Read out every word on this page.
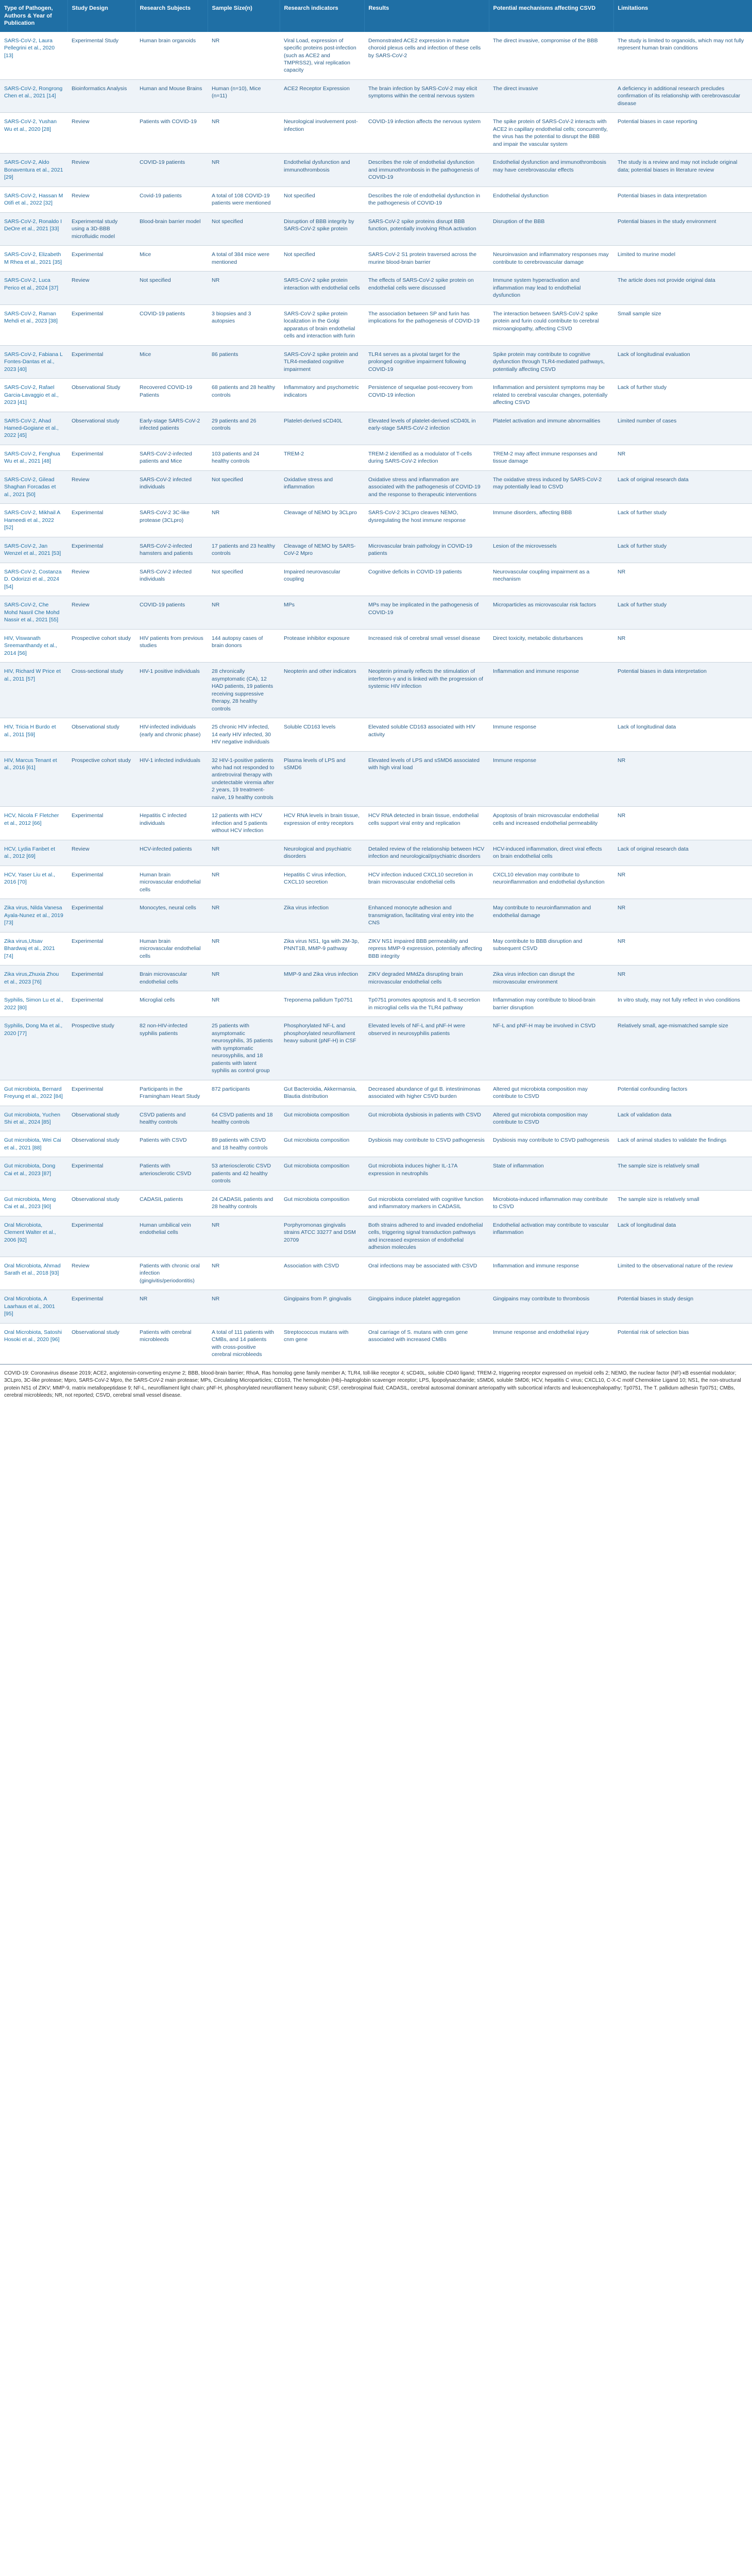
Type of Pathogen, Authors & Year of Publication	Study Design	Research Subjects	Sample Size(n)	Research indicators	Results	Potential mechanisms affecting CSVD	Limitations
SARS-CoV-2, Laura Pellegrini et al., 2020 [13]	Experimental Study	Human brain organoids	NR	Viral Load, expression of specific proteins post-infection (such as ACE2 and TMPRSS2), viral replication capacity	Demonstrated ACE2 expression in mature choroid plexus cells and infection of these cells by SARS-CoV-2	The direct invasive, compromise of the BBB	The study is limited to organoids, which may not fully represent human brain conditions
SARS-CoV-2, Rongrong Chen et al., 2021 [14]	Bioinformatics Analysis	Human and Mouse Brains	Human (n=10), Mice (n=11)	ACE2 Receptor Expression	The brain infection by SARS-CoV-2 may elicit symptoms within the central nervous system	The direct invasive	A deficiency in additional research precludes confirmation of its relationship with cerebrovascular disease
SARS-CoV-2, Yushan Wu et al., 2020 [28]	Review	Patients with COVID-19	NR	Neurological involvement post-infection	COVID-19 infection affects the nervous system	The spike protein of SARS-CoV-2 interacts with ACE2 in capillary endothelial cells; concurrently, the virus has the potential to disrupt the BBB and impair the vascular system	Potential biases in case reporting
SARS-CoV-2, Aldo Bonaventura et al., 2021 [29]	Review	COVID-19 patients	NR	Endothelial dysfunction and immunothrombosis	Describes the role of endothelial dysfunction and immunothrombosis in the pathogenesis of COVID-19	Endothelial dysfunction and immunothrombosis may have cerebrovascular effects	The study is a review and may not include original data; potential biases in literature review
SARS-CoV-2, Hassan M Otifi et al., 2022 [32]	Review	Covid-19 patients	A total of 108 COVID-19 patients were mentioned	Not specified	Describes the role of endothelial dysfunction in the pathogenesis of COVID-19	Endothelial dysfunction	Potential biases in data interpretation
SARS-CoV-2, Ronaldo I DeOre et al., 2021 [33]	Experimental study using a 3D-BBB microfluidic model	Blood-brain barrier model	Not specified	Disruption of BBB integrity by SARS-CoV-2 spike protein	SARS-CoV-2 spike proteins disrupt BBB function, potentially involving RhoA activation	Disruption of the BBB	Potential biases in the study environment
SARS-CoV-2, Elizabeth M Rhea et al., 2021 [35]	Experimental	Mice	A total of 384 mice were mentioned	Not specified	SARS-CoV-2 S1 protein traversed across the murine blood-brain barrier	Neuroinvasion and inflammatory responses may contribute to cerebrovascular damage	Limited to murine model
SARS-CoV-2, Luca Perico et al., 2024 [37]	Review	Not specified	NR	SARS-CoV-2 spike protein interaction with endothelial cells	The effects of SARS-CoV-2 spike protein on endothelial cells were discussed	Immune system hyperactivation and inflammation may lead to endothelial dysfunction	The article does not provide original data
SARS-CoV-2, Raman Mehdi et al., 2023 [38]	Experimental	COVID-19 patients	3 biopsies and 3 autopsies	SARS-CoV-2 spike protein localization in the Golgi apparatus of brain endothelial cells and interaction with furin	The association between SP and furin has implications for the pathogenesis of COVID-19	The interaction between SARS-CoV-2 spike protein and furin could contribute to cerebral microangiopathy, affecting CSVD	Small sample size
SARS-CoV-2, Fabiana L Fontes-Dantas et al., 2023 [40]	Experimental	Mice	86 patients	SARS-CoV-2 spike protein and TLR4-mediated cognitive impairment	TLR4 serves as a pivotal target for the prolonged cognitive impairment following COVID-19	Spike protein may contribute to cognitive dysfunction through TLR4-mediated pathways, potentially affecting CSVD	Lack of longitudinal evaluation
SARS-CoV-2, Rafael Garcia-Lavaggio et al., 2023 [41]	Observational Study	Recovered COVID-19 Patients	68 patients and 28 healthy controls	Inflammatory and psychometric indicators	Persistence of sequelae post-recovery from COVID-19 infection	Inflammation and persistent symptoms may be related to cerebral vascular changes, potentially affecting CSVD	Lack of further study
SARS-CoV-2, Ahad Hamed-Gogiane et al., 2022 [45]	Observational study	Early-stage SARS-CoV-2 infected patients	29 patients and 26 controls	Platelet-derived sCD40L	Elevated levels of platelet-derived sCD40L in early-stage SARS-CoV-2 infection	Platelet activation and immune abnormalities	Limited number of cases
SARS-CoV-2, Fenghua Wu et al., 2021 [48]	Experimental	SARS-CoV-2-infected patients and Mice	103 patients and 24 healthy controls	TREM-2	TREM-2 identified as a modulator of T-cells during SARS-CoV-2 infection	TREM-2 may affect immune responses and tissue damage	NR
SARS-CoV-2, Gilead Shaghan Forcadas et al., 2021 [50]	Review	SARS-CoV-2 infected individuals	Not specified	Oxidative stress and inflammation	Oxidative stress and inflammation are associated with the pathogenesis of COVID-19 and the response to therapeutic interventions	The oxidative stress induced by SARS-CoV-2 may potentially lead to CSVD	Lack of original research data
SARS-CoV-2, Mikhail A Hameedi et al., 2022 [52]	Experimental	SARS-CoV-2 3C-like protease (3CLpro)	NR	Cleavage of NEMO by 3CLpro	SARS-CoV-2 3CLpro cleaves NEMO, dysregulating the host immune response	Immune disorders, affecting BBB	Lack of further study
SARS-CoV-2, Jan Wenzel et al., 2021 [53]	Experimental	SARS-CoV-2-infected hamsters and patients	17 patients and 23 healthy controls	Cleavage of NEMO by SARS-CoV-2 Mpro	Microvascular brain pathology in COVID-19 patients	Lesion of the microvessels	Lack of further study
SARS-CoV-2, Costanza D. Odorizzi et al., 2024 [54]	Review	SARS-CoV-2 infected individuals	Not specified	Impaired neurovascular coupling	Cognitive deficits in COVID-19 patients	Neurovascular coupling impairment as a mechanism	NR
SARS-CoV-2, Che Mohd Nasril Che Mohd Nassir et al., 2021 [55]	Review	COVID-19 patients	NR	MPs	MPs may be implicated in the pathogenesis of COVID-19	Microparticles as microvascular risk factors	Lack of further study
HIV, Viswanath Sreemanthandy et al., 2014 [56]	Prospective cohort study	HIV patients from previous studies	144 autopsy cases of brain donors	Protease inhibitor exposure	Increased risk of cerebral small vessel disease	Direct toxicity, metabolic disturbances	NR
HIV, Richard W Price et al., 2011 [57]	Cross-sectional study	HIV-1 positive individuals	28 chronically asymptomatic (CA), 12 HAD patients, 19 patients receiving suppressive therapy, 28 healthy controls	Neopterin and other indicators	Neopterin primarily reflects the stimulation of interferon-γ and is linked with the progression of systemic HIV infection	Inflammation and immune response	Potential biases in data interpretation
HIV, Tricia H Burdo et al., 2011 [59]	Observational study	HIV-infected individuals (early and chronic phase)	25 chronic HIV infected, 14 early HIV infected, 30 HIV negative individuals	Soluble CD163 levels	Elevated soluble CD163 associated with HIV activity	Immune response	Lack of longitudinal data
HIV, Marcus Tenant et al., 2016 [61]	Prospective cohort study	HIV-1 infected individuals	32 HIV-1-positive patients who had not responded to antiretroviral therapy with undetectable viremia after 2 years, 19 treatment-naïve, 19 healthy controls	Plasma levels of LPS and sSMD6	Elevated levels of LPS and sSMD6 associated with high viral load	Immune response	NR
HCV, Nicola F Fletcher et al., 2012 [66]	Experimental	Hepatitis C infected individuals	12 patients with HCV infection and 5 patients without HCV infection	HCV RNA levels in brain tissue, expression of entry receptors	HCV RNA detected in brain tissue, endothelial cells support viral entry and replication	Apoptosis of brain microvascular endothelial cells and increased endothelial permeability	NR
HCV, Lydia Fanbet et al., 2012 [69]	Review	HCV-infected patients	NR	Neurological and psychiatric disorders	Detailed review of the relationship between HCV infection and neurological/psychiatric disorders	HCV-induced inflammation, direct viral effects on brain endothelial cells	Lack of original research data
HCV, Yaser Liu et al., 2016 [70]	Experimental	Human brain microvascular endothelial cells	NR	Hepatitis C virus infection, CXCL10 secretion	HCV infection induced CXCL10 secretion in brain microvascular endothelial cells	CXCL10 elevation may contribute to neuroinflammation and endothelial dysfunction	NR
Zika virus, Nilda Vanesa Ayala-Nunez et al., 2019 [73]	Experimental	Monocytes, neural cells	NR	Zika virus infection	Enhanced monocyte adhesion and transmigration, facilitating viral entry into the CNS	May contribute to neuroinflammation and endothelial damage	NR
Zika virus,Utsav Bhardwaj et al., 2021 [74]	Experimental	Human brain microvascular endothelial cells	NR	Zika virus NS1, Iga with 2M-3p, PNNT1B, MMP-9 pathway	ZIKV NS1 impaired BBB permeability and repress MMP-9 expression, potentially affecting BBB integrity	May contribute to BBB disruption and subsequent CSVD	NR
Zika virus,Zhuxia Zhou et al., 2023 [76]	Experimental	Brain microvascular endothelial cells	NR	MMP-9 and Zika virus infection	ZIKV degraded MMdZa disrupting brain microvascular endothelial cells	Zika virus infection can disrupt the microvascular environment	NR
Syphilis, Simon Lu et al., 2022 [80]	Experimental	Microglial cells	NR	Treponema pallidum Tp0751	Tp0751 promotes apoptosis and IL-8 secretion in microglial cells via the TLR4 pathway	Inflammation may contribute to blood-brain barrier disruption	In vitro study, may not fully reflect in vivo conditions
Syphilis, Dong Ma et al., 2020 [77]	Prospective study	82 non-HIV-infected syphilis patients	25 patients with asymptomatic neurosyphilis, 35 patients with symptomatic neurosyphilis, and 18 patients with latent syphilis as control group	Phosphorylated NF-L and phosphorylated neurofilament heavy subunit (pNF-H) in CSF	Elevated levels of NF-L and pNF-H were observed in neurosyphilis patients	NF-L and pNF-H may be involved in CSVD	Relatively small, age-mismatched sample size
Gut microbiota, Bernard Freyung et al., 2022 [84]	Experimental	Participants in the Framingham Heart Study	872 participants	Gut Bacteroidia, Akkermansia, Blautia distribution	Decreased abundance of gut B. intestinimonas associated with higher CSVD burden	Altered gut microbiota composition may contribute to CSVD	Potential confounding factors
Gut microbiota, Yuchen Shi et al., 2024 [85]	Observational study	CSVD patients and healthy controls	64 CSVD patients and 18 healthy controls	Gut microbiota composition	Gut microbiota dysbiosis in patients with CSVD	Altered gut microbiota composition may contribute to CSVD	Lack of validation data
Gut microbiota, Wei Cai et al., 2021 [88]	Observational study	Patients with CSVD	89 patients with CSVD and 18 healthy controls	Gut microbiota composition	Dysbiosis may contribute to CSVD pathogenesis	Dysbiosis may contribute to CSVD pathogenesis	Lack of animal studies to validate the findings
Gut microbiota, Dong Cai et al., 2023 [87]	Experimental	Patients with arteriosclerotic CSVD	53 arteriosclerotic CSVD patients and 42 healthy controls	Gut microbiota composition	Gut microbiota induces higher IL-17A expression in neutrophils	State of inflammation	The sample size is relatively small
Gut microbiota, Meng Cai et al., 2023 [90]	Observational study	CADASIL patients	24 CADASIL patients and 28 healthy controls	Gut microbiota composition	Gut microbiota correlated with cognitive function and inflammatory markers in CADASIL	Microbiota-induced inflammation may contribute to CSVD	The sample size is relatively small
Oral Microbiota, Clement Walter et al., 2006 [92]	Experimental	Human umbilical vein endothelial cells	NR	Porphyromonas gingivalis strains ATCC 33277 and DSM 20709	Both strains adhered to and invaded endothelial cells, triggering signal transduction pathways and increased expression of endothelial adhesion molecules	Endothelial activation may contribute to vascular inflammation	Lack of longitudinal data
Oral Microbiota, Ahmad Sarath et al., 2018 [93]	Review	Patients with chronic oral infection (gingivitis/periodontitis)	NR	Association with CSVD	Oral infections may be associated with CSVD	Inflammation and immune response	Limited to the observational nature of the review
Oral Microbiota, A Laarhaus et al., 2001 [95]	Experimental	NR	NR	Gingipains from P. gingivalis	Gingipains induce platelet aggregation	Gingipains may contribute to thrombosis	Potential biases in study design
Oral Microbiota, Satoshi Hosoki et al., 2020 [96]	Observational study	Patients with cerebral microbleeds	A total of 111 patients with CMBs, and 14 patients with cross-positive cerebral microbleeds	Streptococcus mutans with cnm gene	Oral carriage of S. mutans with cnm gene associated with increased CMBs	Immune response and endothelial injury	Potential risk of selection bias
COVID-19: Coronavirus disease 2019; ACE2, angiotensin-converting enzyme 2; BBB, blood-brain barrier; RhoA, Ras homolog gene family member A; TLR4, toll-like receptor 4; sCD40L, soluble CD40 ligand; TREM-2, triggering receptor expressed on myeloid cells 2; NEMO, the nuclear factor (NF)-κB essential modulator; 3CLpro, 3C-like protease; Mpro, SARS-CoV-2 Mpro, the SARS-CoV-2 main protease; MPs, Circulating Microparticles; CD163, The hemoglobin (Hb)–haptoglobin scavenger receptor; LPS, lipopolysaccharide; sSMD6, soluble SMD6; HCV, hepatitis C virus; CXCL10, C-X-C motif Chemokine Ligand 10; NS1, the non-structural protein NS1 of ZIKV; MMP-9, matrix metallopeptidase 9; NF-L, neurofilament light chain; pNF-H, phosphorylated neurofilament heavy subunit; CSF, cerebrospinal fluid; CADASIL, cerebral autosomal dominant arteriopathy with subcortical infarcts and leukoencephalopathy; Tp0751, The T. pallidum adhesin Tp0751; CMBs, cerebral microbleeds; NR, not reported; CSVD, cerebral small vessel disease.
